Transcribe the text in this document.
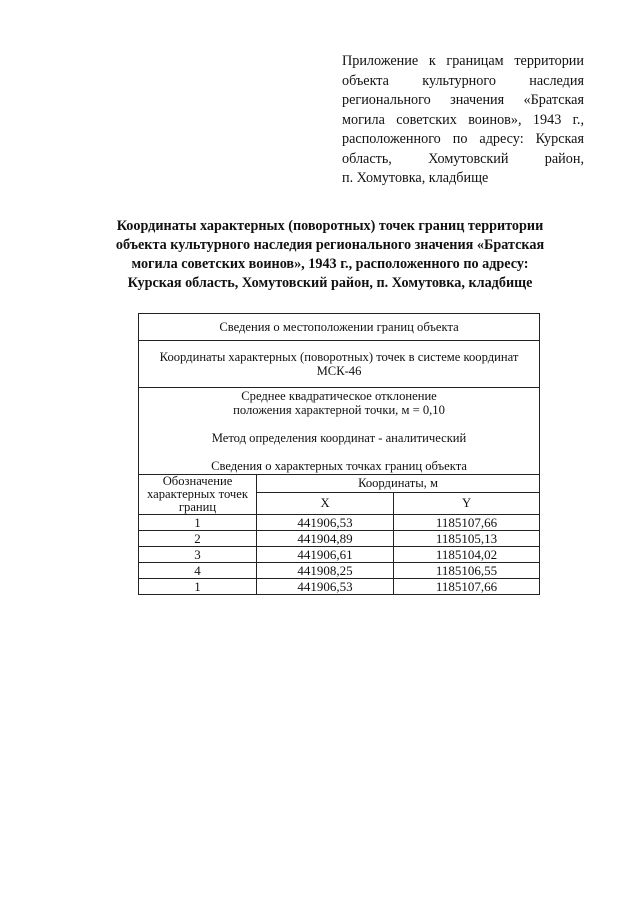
Приложение к границам территории
объекта культурного наследия
регионального значения «Братская
могила советских воинов», 1943 г.,
расположенного по адресу: Курская
область, Хомутовский район,
п. Хомутовка, кладбище
Координаты характерных (поворотных) точек границ территории
объекта культурного наследия регионального значения «Братская
могила советских воинов», 1943 г., расположенного по адресу:
Курская область, Хомутовский район, п. Хомутовка, кладбище
Сведения о местоположении границ объекта		
Координаты характерных (поворотных) точек в системе координат
МСК-46		
Среднее квадратическое отклонение
положения характерной точки, м = 0,10
Метод определения координат - аналитический
Сведения о характерных точках границ объекта		

Обозначение
характерных точек
границ	Координаты, м	
	X	Y
1	441906,53	1185107,66
2	441904,89	1185105,13
3	441906,61	1185104,02
4	441908,25	1185106,55
1	441906,53	1185107,66
